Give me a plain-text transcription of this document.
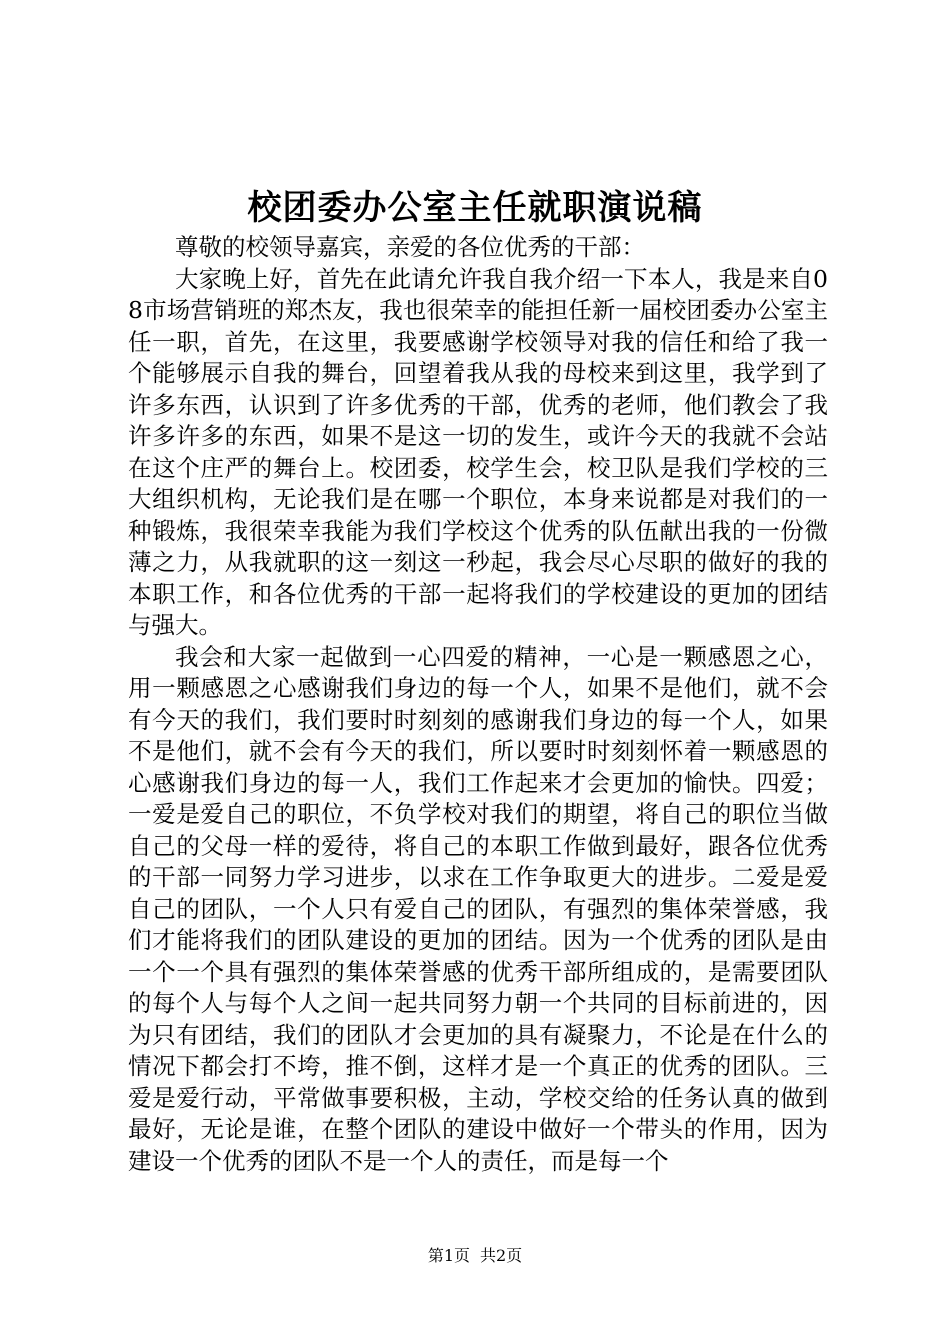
校团委办公室主任就职演说稿

尊敬的校领导嘉宾，亲爱的各位优秀的干部：

大家晚上好，首先在此请允许我自我介绍一下本人，我是来自08市场营销班的郑杰友，我也很荣幸的能担任新一届校团委办公室主任一职，首先，在这里，我要感谢学校领导对我的信任和给了我一个能够展示自我的舞台，回望着我从我的母校来到这里，我学到了许多东西，认识到了许多优秀的干部，优秀的老师，他们教会了我许多许多的东西，如果不是这一切的发生，或许今天的我就不会站在这个庄严的舞台上。校团委，校学生会，校卫队是我们学校的三大组织机构，无论我们是在哪一个职位，本身来说都是对我们的一种锻炼，我很荣幸我能为我们学校这个优秀的队伍献出我的一份微薄之力，从我就职的这一刻这一秒起，我会尽心尽职的做好的我的本职工作，和各位优秀的干部一起将我们的学校建设的更加的团结与强大。

我会和大家一起做到一心四爱的精神，一心是一颗感恩之心，用一颗感恩之心感谢我们身边的每一个人，如果不是他们，就不会有今天的我们，我们要时时刻刻的感谢我们身边的每一个人，如果不是他们，就不会有今天的我们，所以要时时刻刻怀着一颗感恩的心感谢我们身边的每一人，我们工作起来才会更加的愉快。四爱；一爱是爱自己的职位，不负学校对我们的期望，将自己的职位当做自己的父母一样的爱待，将自己的本职工作做到最好，跟各位优秀的干部一同努力学习进步，以求在工作争取更大的进步。二爱是爱自己的团队，一个人只有爱自己的团队，有强烈的集体荣誉感，我们才能将我们的团队建设的更加的团结。因为一个优秀的团队是由一个一个具有强烈的集体荣誉感的优秀干部所组成的，是需要团队的每个人与每个人之间一起共同努力朝一个共同的目标前进的，因为只有团结，我们的团队才会更加的具有凝聚力，不论是在什么的情况下都会打不垮，推不倒，这样才是一个真正的优秀的团队。三爱是爱行动，平常做事要积极，主动，学校交给的任务认真的做到最好，无论是谁，在整个团队的建设中做好一个带头的作用，因为建设一个优秀的团队不是一个人的责任，而是每一个

第1页 共2页
